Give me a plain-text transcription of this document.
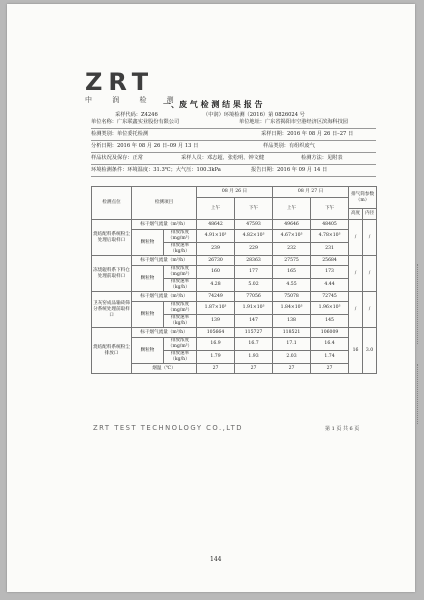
ZRT
中 润 检 测
一、废 气 检 测 结 果 报 告
采样代码：Z4246	（中润）环境检测（2016）第 0826024 号
单位名称：广东联鑫实业股份有限公司	单位地址：广东省揭阳市空港经济区滨海科技园
检测类别：单位委托检测	采样日期：2016 年 08 月 26 日–27 日
分析日期：2016 年 08 月 26 日–09 月 13 日	样品类别：有组织废气
样品状况及保存：正常	采样人员：邓志超、张松明、钟文健	检测方法：见附表
环境检测条件：环境温度：31.3℃；大气压：100.3kPa	报告日期：2016 年 09 月 14 日
检测点位	检测项目		08 月 26 日		08 月 27 日		排气筒参数（m）	
			上午	下午	上午	下午		
							高度	内径
烧结配料系统粉尘处理后取样口	标干烟气流量（m³/h）		48642	47593	49646	48405	/	/
	颗粒物	排放浓度（mg/m³）	4.91×10³	4.82×10³	4.67×10³	4.78×10³		
		排放速率（kg/h）	239	229	232	231		
冻烧辊料系下料仓处理前取样口	标干烟气流量（m³/h）		26730	28363	27575	25684	/	/
	颗粒物	排放浓度（mg/m³）	160	177	165	173		
		排放速率（kg/h）	4.28	5.02	4.55	4.44		
卫灰窑成品输砖筛分系统处理前取样口	标干烟气流量（m³/h）		74249	77056	75078	72745	/	/
	颗粒物	排放浓度（mg/m³）	1.87×10³	1.91×10³	1.84×10³	1.96×10³		
		排放速率（kg/h）	139	147	138	145		
烧结配料系统粉尘排放口	标干烟气流量（m³/h）		105664	115727	118521	106009	16	3.0
	颗粒物	排放浓度（mg/m³）	16.9	16.7	17.1	16.4		
		排放速率（kg/h）	1.79	1.93	2.03	1.74		
	烟温（℃）		27	27	27	27		
ZRT TEST TECHNOLOGY CO.,LTD	第 1 页 共 6 页
144
